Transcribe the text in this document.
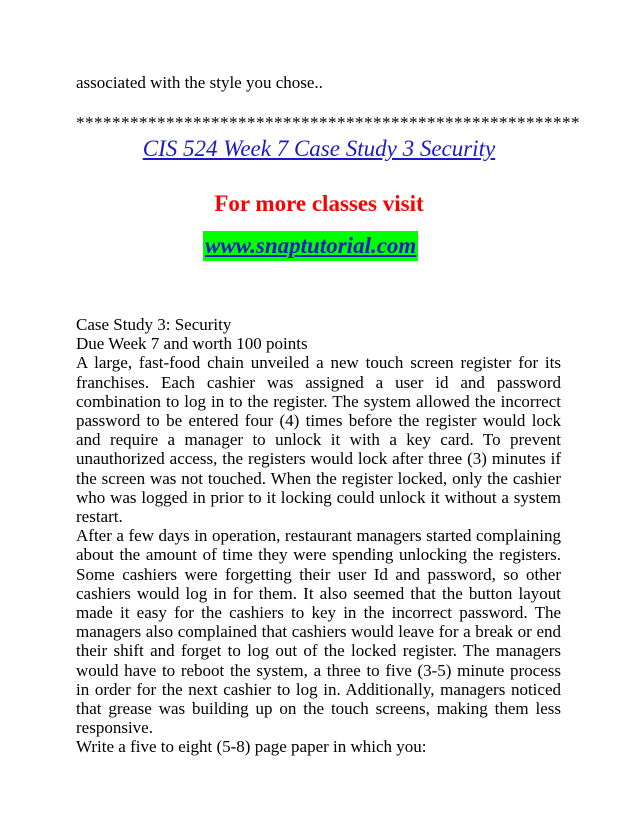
associated with the style you chose..
********************************************************
CIS 524 Week 7 Case Study 3 Security
For more classes visit
www.snaptutorial.com

Case Study 3: Security

Due Week 7 and worth 100 points

A large, fast-food chain unveiled a new touch screen register for its franchises. Each cashier was assigned a user id and password combination to log in to the register. The system allowed the incorrect password to be entered four (4) times before the register would lock and require a manager to unlock it with a key card. To prevent unauthorized access, the registers would lock after three (3) minutes if the screen was not touched. When the register locked, only the cashier who was logged in prior to it locking could unlock it without a system restart.

After a few days in operation, restaurant managers started complaining about the amount of time they were spending unlocking the registers. Some cashiers were forgetting their user Id and password, so other cashiers would log in for them. It also seemed that the button layout made it easy for the cashiers to key in the incorrect password. The managers also complained that cashiers would leave for a break or end their shift and forget to log out of the locked register. The managers would have to reboot the system, a three to five (3-5) minute process in order for the next cashier to log in. Additionally, managers noticed that grease was building up on the touch screens, making them less responsive.

Write a five to eight (5-8) page paper in which you:
